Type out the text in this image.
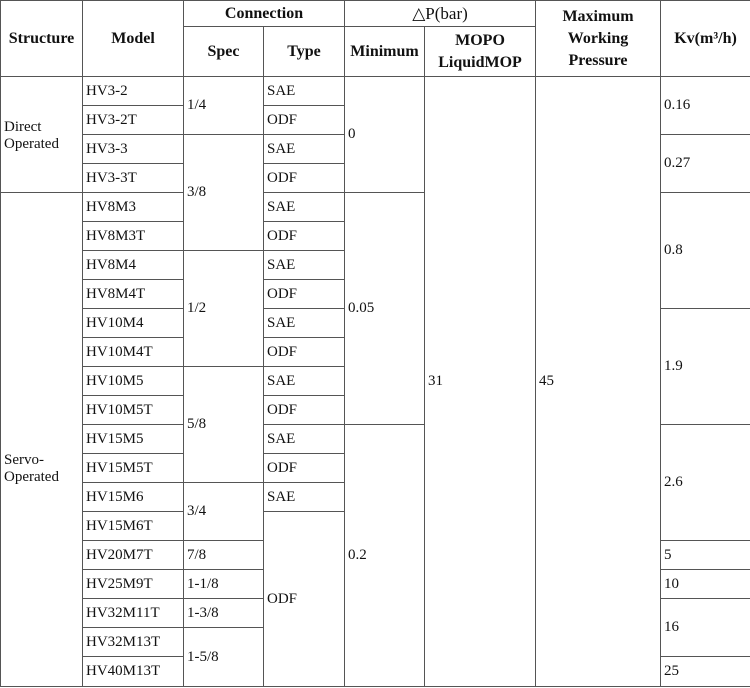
Structure	Model	Connection		△P(bar)		Maximum Working Pressure	Kv(m³/h)
		Spec	Type	Minimum	MOPO LiquidMOP		
Direct Operated	HV3-2	1/4	SAE	0	31	45	0.16
	HV3-2T		ODF				
	HV3-3	3/8	SAE				0.27
	HV3-3T		ODF				
Servo-Operated	HV8M3		SAE	0.05			0.8
	HV8M3T		ODF				
	HV8M4	1/2	SAE				
	HV8M4T		ODF				
	HV10M4		SAE				1.9
	HV10M4T		ODF				
	HV10M5	5/8	SAE				
	HV10M5T		ODF				
	HV15M5		SAE	0.2			2.6
	HV15M5T		ODF				
	HV15M6	3/4	SAE				
	HV15M6T		ODF				
	HV20M7T	7/8					5
	HV25M9T	1-1/8					10
	HV32M11T	1-3/8					16
	HV32M13T	1-5/8					
	HV40M13T						25
